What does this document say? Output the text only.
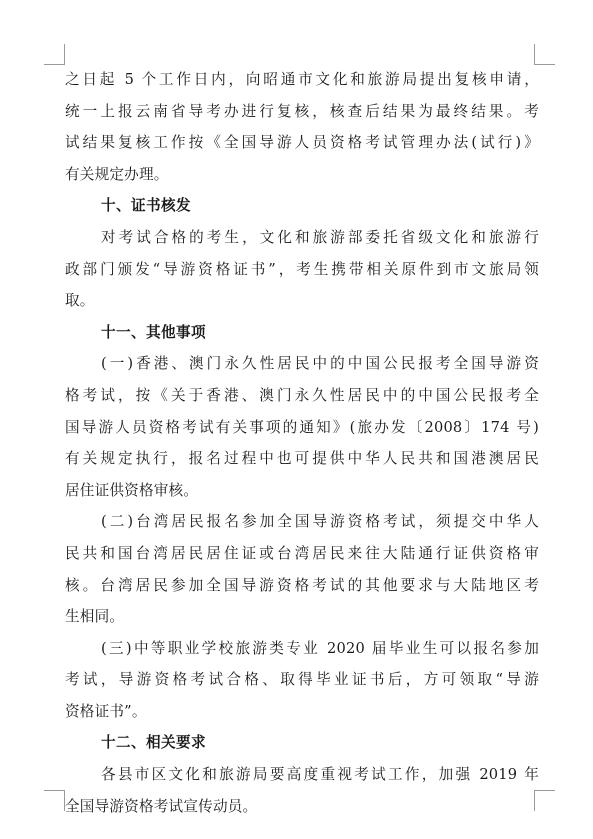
之日起 5 个工作日内，向昭通市文化和旅游局提出复核申请，
统一上报云南省导考办进行复核，核查后结果为最终结果。考
试结果复核工作按《全国导游人员资格考试管理办法(试行)》
有关规定办理。
十、证书核发
对考试合格的考生，文化和旅游部委托省级文化和旅游行
政部门颁发“导游资格证书”，考生携带相关原件到市文旅局领
取。
十一、其他事项
(一)香港、澳门永久性居民中的中国公民报考全国导游资
格考试，按《关于香港、澳门永久性居民中的中国公民报考全
国导游人员资格考试有关事项的通知》(旅办发〔2008〕174 号)
有关规定执行，报名过程中也可提供中华人民共和国港澳居民
居住证供资格审核。
(二)台湾居民报名参加全国导游资格考试，须提交中华人
民共和国台湾居民居住证或台湾居民来往大陆通行证供资格审
核。台湾居民参加全国导游资格考试的其他要求与大陆地区考
生相同。
(三)中等职业学校旅游类专业 2020 届毕业生可以报名参加
考试，导游资格考试合格、取得毕业证书后，方可领取“导游
资格证书”。
十二、相关要求
各县市区文化和旅游局要高度重视考试工作，加强 2019 年
全国导游资格考试宣传动员。
